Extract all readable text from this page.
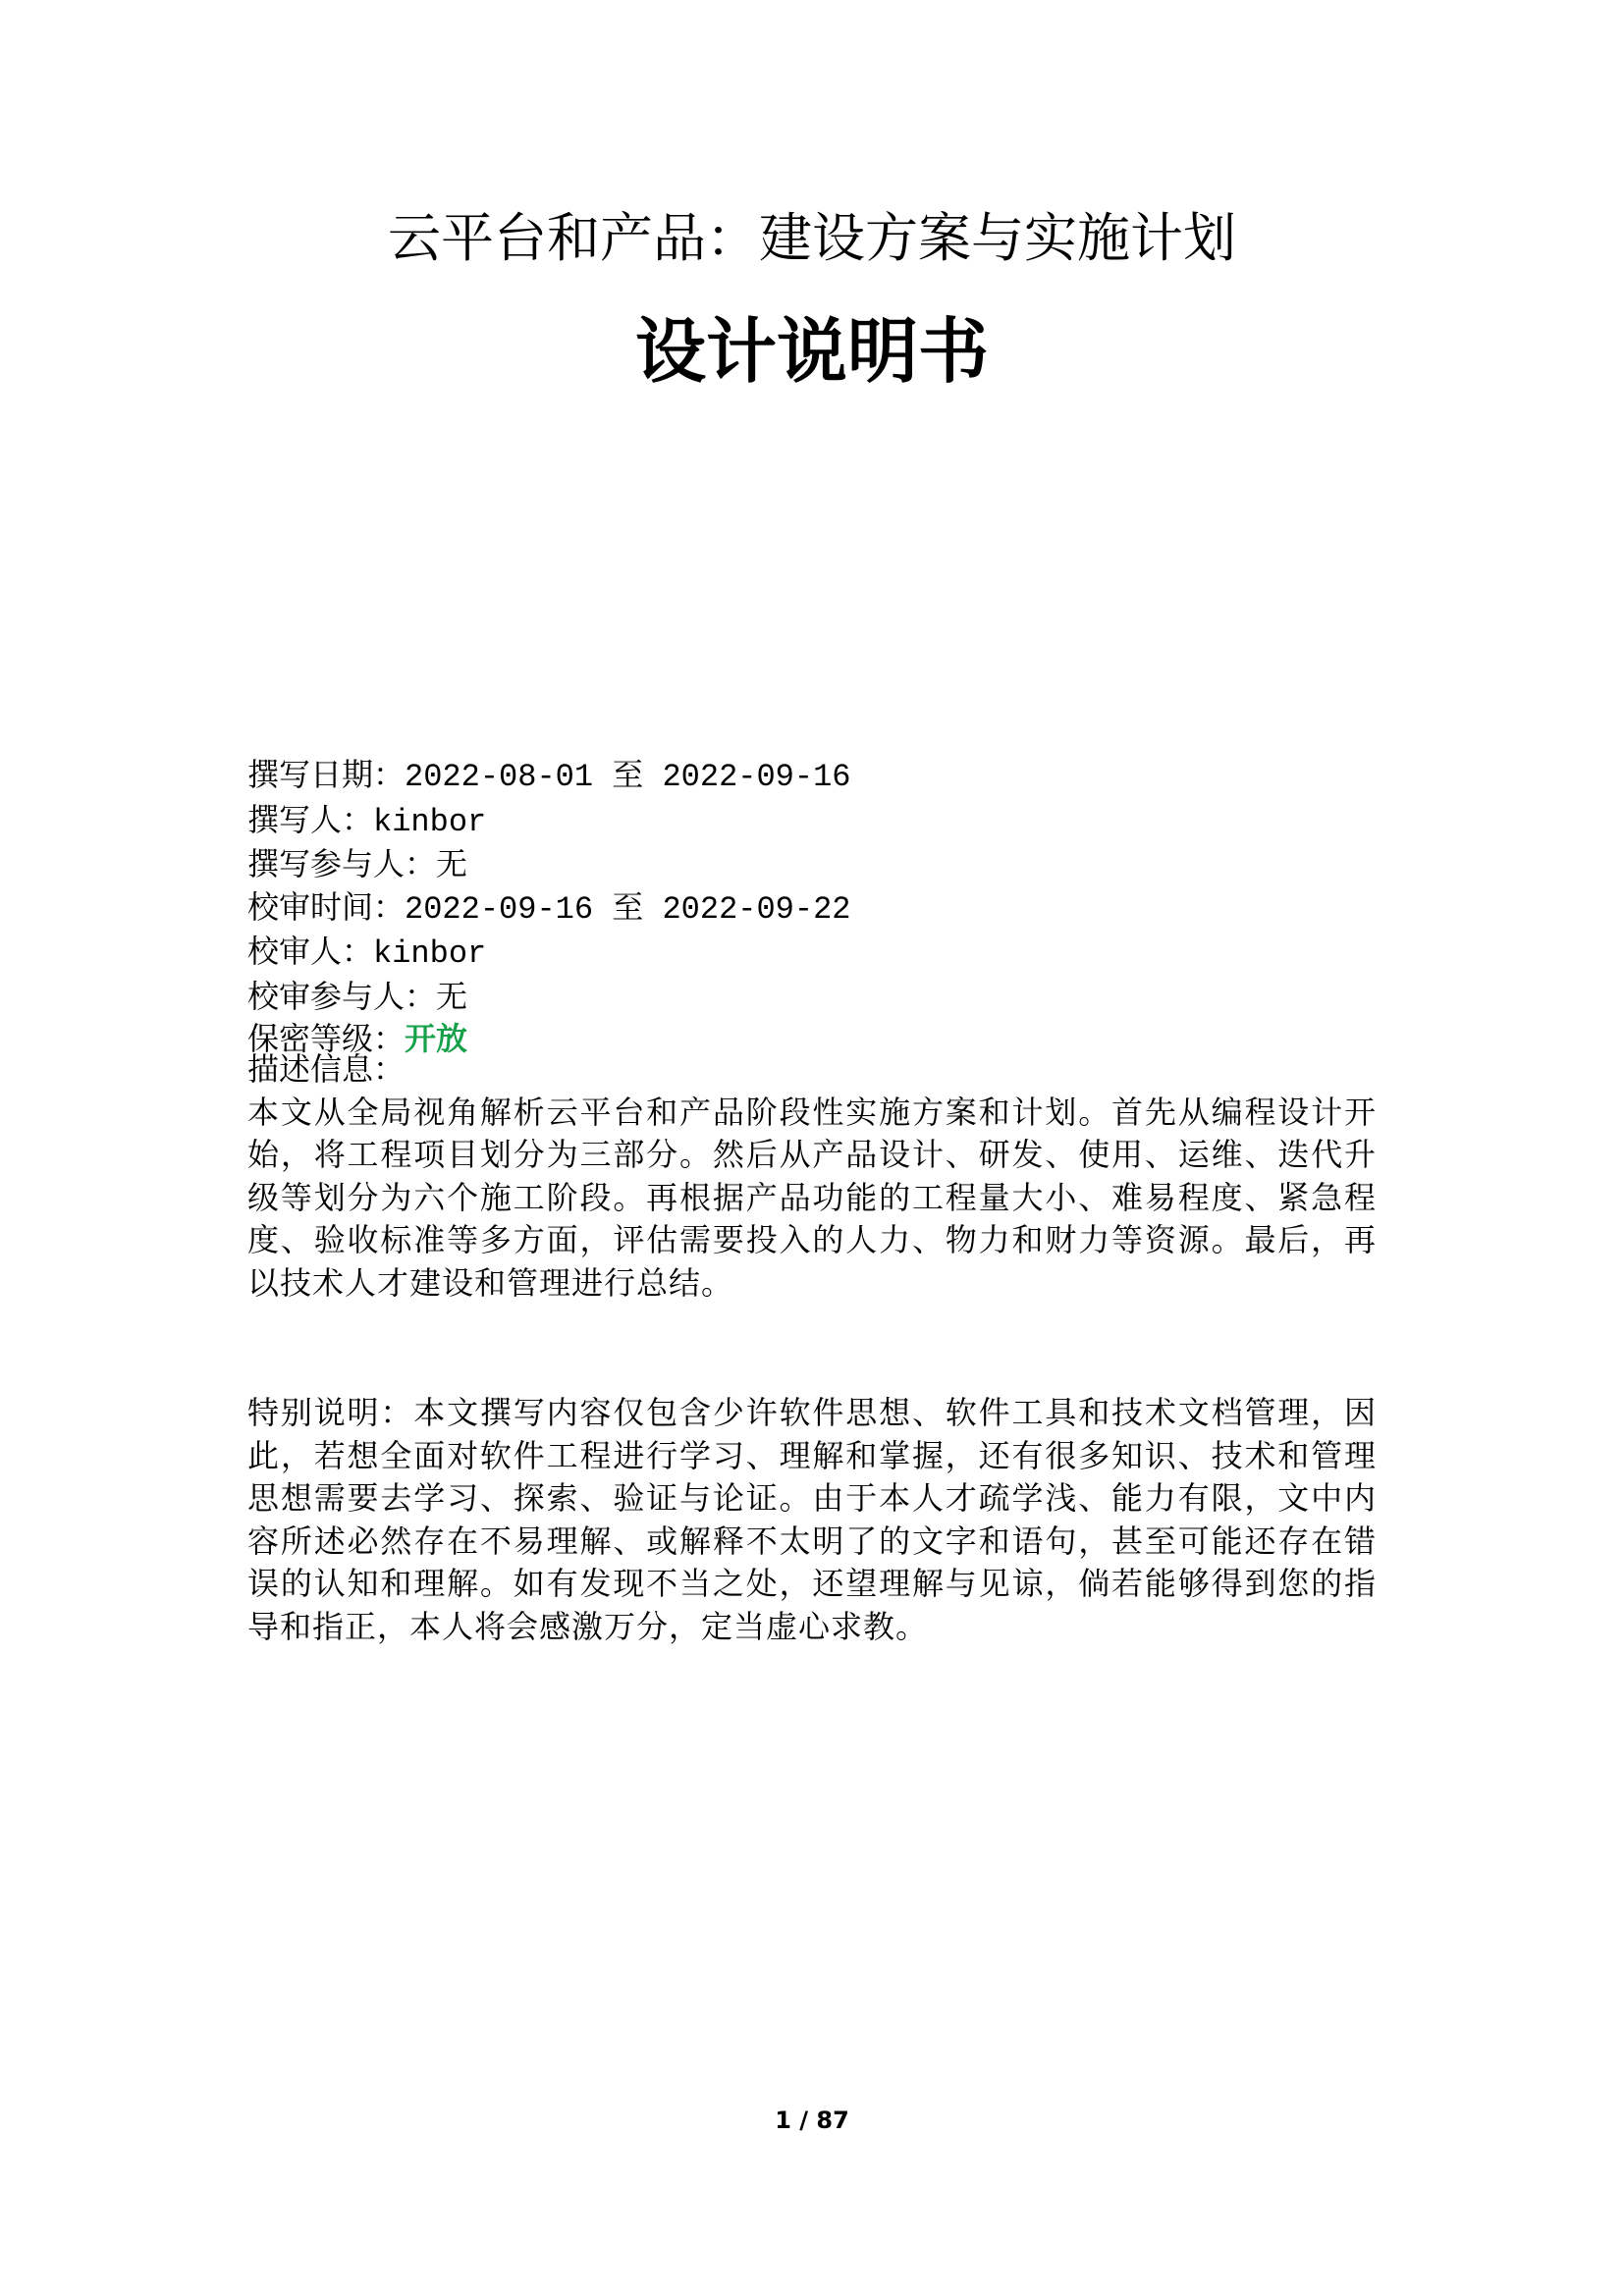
云平台和产品：建设方案与实施计划
设计说明书
撰写日期：2022-08-01 至 2022-09-16
撰写人：kinbor
撰写参与人：无
校审时间：2022-09-16 至 2022-09-22
校审人：kinbor
校审参与人：无
保密等级：开放

描述信息：

本文从全局视角解析云平台和产品阶段性实施方案和计划。首先从编程设计开始，将工程项目划分为三部分。然后从产品设计、研发、使用、运维、迭代升级等划分为六个施工阶段。再根据产品功能的工程量大小、难易程度、紧急程度、验收标准等多方面，评估需要投入的人力、物力和财力等资源。最后，再以技术人才建设和管理进行总结。

特别说明：本文撰写内容仅包含少许软件思想、软件工具和技术文档管理，因此，若想全面对软件工程进行学习、理解和掌握，还有很多知识、技术和管理思想需要去学习、探索、验证与论证。由于本人才疏学浅、能力有限，文中内容所述必然存在不易理解、或解释不太明了的文字和语句，甚至可能还存在错误的认知和理解。如有发现不当之处，还望理解与见谅，倘若能够得到您的指导和指正，本人将会感激万分，定当虚心求教。

1 / 87
